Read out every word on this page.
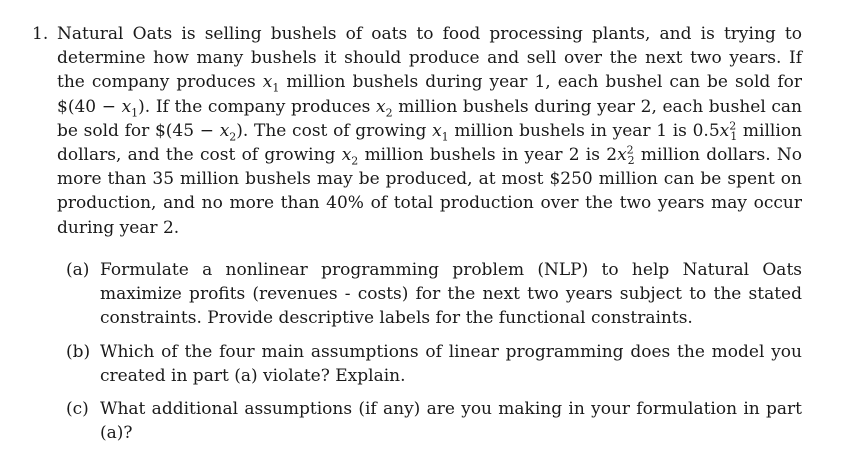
1. Natural Oats is selling bushels of oats to food processing plants, and is trying to determine how many bushels it should produce and sell over the next two years. If the company produces $x_1$ million bushels during year 1, each bushel can be sold for $(40 − $x_1$). If the company produces $x_2$ million bushels during year 2, each bushel can be sold for $(45 − $x_2$). The cost of growing $x_1$ million bushels in year 1 is $0.5x^2_1$ million dollars, and the cost of growing $x_2$ million bushels in year 2 is $2x^2_2$ million dollars. No more than 35 million bushels may be produced, at most $250 million can be spent on production, and no more than 40% of total production over the two years may occur during year 2.
(a) Formulate a nonlinear programming problem (NLP) to help Natural Oats maximize profits (revenues - costs) for the next two years subject to the stated constraints. Provide descriptive labels for the functional constraints.
(b) Which of the four main assumptions of linear programming does the model you created in part (a) violate? Explain.
(c) What additional assumptions (if any) are you making in your formulation in part (a)?
